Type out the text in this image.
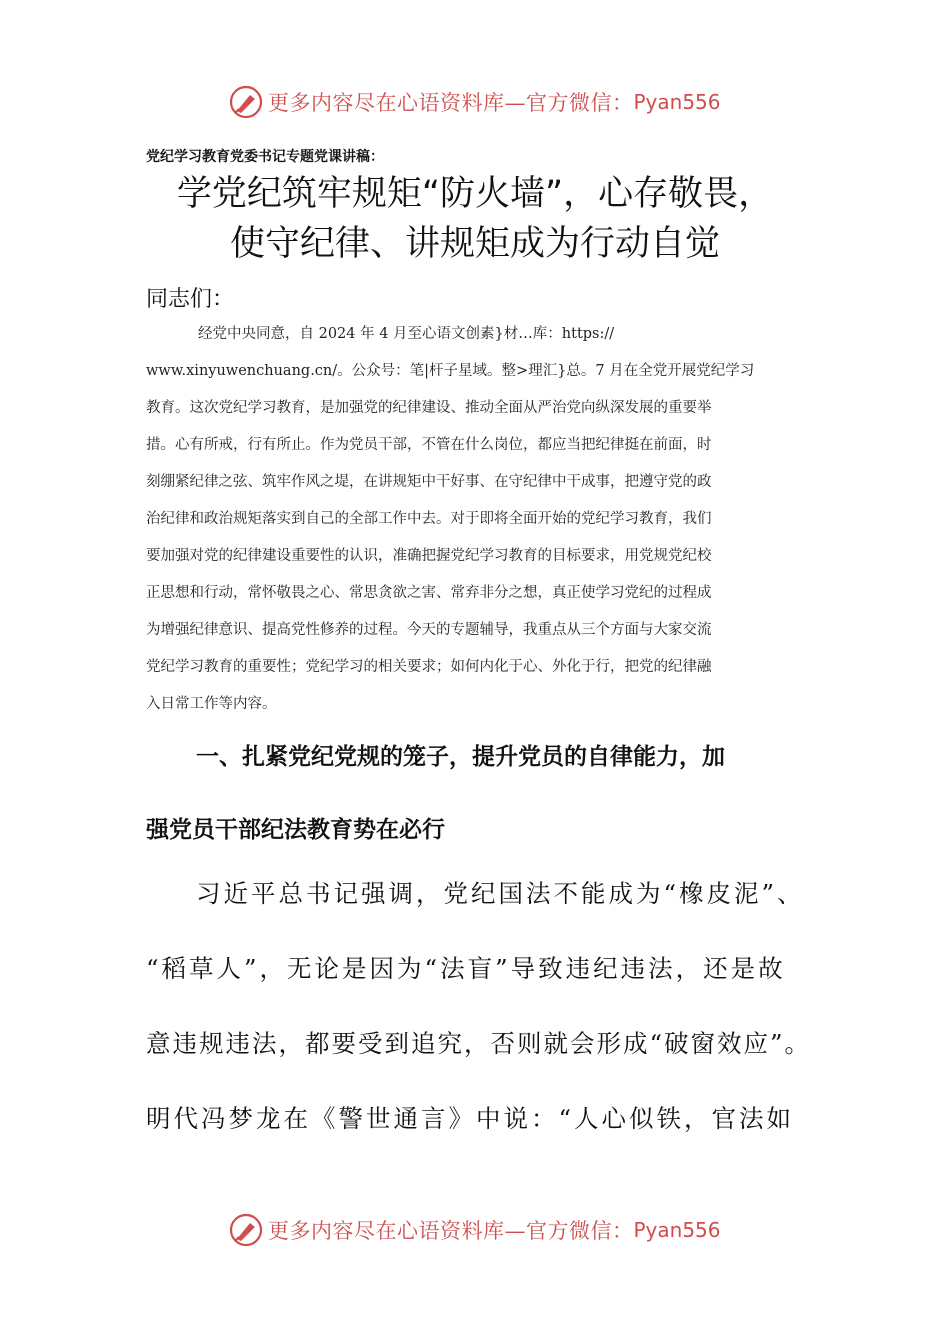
更多内容尽在心语资料库—官方微信： Pyan556
党纪学习教育党委书记专题党课讲稿：
学党纪筑牢规矩“防火墙”，心存敬畏，
使守纪律、讲规矩成为行动自觉
同志们：
经党中央同意，自 2024 年 4 月至心语文创素}材…库：https://
www.xinyuwenchuang.cn/。公众号：笔|杆子星域。整>理汇}总。7 月在全党开展党纪学习
教育。这次党纪学习教育，是加强党的纪律建设、推动全面从严治党向纵深发展的重要举
措。心有所戒，行有所止。作为党员干部，不管在什么岗位，都应当把纪律挺在前面，时
刻绷紧纪律之弦、筑牢作风之堤，在讲规矩中干好事、在守纪律中干成事，把遵守党的政
治纪律和政治规矩落实到自己的全部工作中去。对于即将全面开始的党纪学习教育，我们
要加强对党的纪律建设重要性的认识，准确把握党纪学习教育的目标要求，用党规党纪校
正思想和行动，常怀敬畏之心、常思贪欲之害、常弃非分之想，真正使学习党纪的过程成
为增强纪律意识、提高党性修养的过程。今天的专题辅导，我重点从三个方面与大家交流
党纪学习教育的重要性；党纪学习的相关要求；如何内化于心、外化于行，把党的纪律融
入日常工作等内容。
一、扎紧党纪党规的笼子，提升党员的自律能力，加
强党员干部纪法教育势在必行
习近平总书记强调，党纪国法不能成为“橡皮泥”、
“稻草人”，无论是因为“法盲”导致违纪违法，还是故
意违规违法，都要受到追究，否则就会形成“破窗效应”。
明代冯梦龙在《警世通言》中说：“人心似铁，官法如
更多内容尽在心语资料库—官方微信： Pyan556
